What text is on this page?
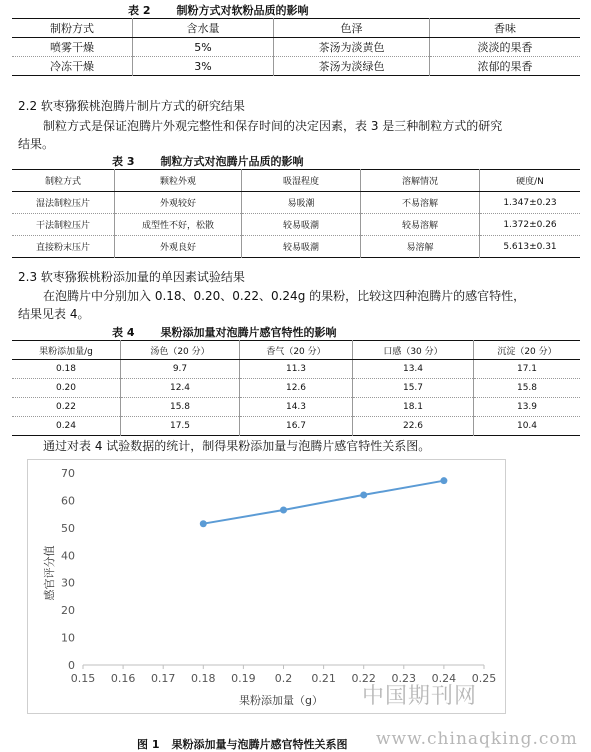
表 2 制粉方式对软粉品质的影响
制粉方式	含水量	色泽	香味
喷雾干燥	5%	茶汤为淡黄色	淡淡的果香
冷冻干燥	3%	茶汤为淡绿色	浓郁的果香
2.2 软枣猕猴桃泡腾片制片方式的研究结果
制粒方式是保证泡腾片外观完整性和保存时间的决定因素，表 3 是三种制粒方式的研究
结果。
表 3 制粒方式对泡腾片品质的影响
制粒方式	颗粒外观	吸湿程度	溶解情况	硬度/N
湿法制粒压片	外观较好	易吸潮	不易溶解	1.347±0.23
干法制粒压片	成型性不好，松散	较易吸潮	较易溶解	1.372±0.26
直接粉末压片	外观良好	较易吸潮	易溶解	5.613±0.31
2.3 软枣猕猴桃粉添加量的单因素试验结果
在泡腾片中分别加入 0.18、0.20、0.22、0.24g 的果粉，比较这四种泡腾片的感官特性，
结果见表 4。
表 4 果粉添加量对泡腾片感官特性的影响
果粉添加量/g	汤色（20 分）	香气（20 分）	口感（30 分）	沉淀（20 分）
0.18	9.7	11.3	13.4	17.1
0.20	12.4	12.6	15.7	15.8
0.22	15.8	14.3	18.1	13.9
0.24	17.5	16.7	22.6	10.4
通过对表 4 试验数据的统计，制得果粉添加量与泡腾片感官特性关系图。
0
10
20
30
40
50
60
70
0.15 0.16 0.17 0.18 0.19 0.2 0.21 0.22 0.23 0.24 0.25
感官评分值
果粉添加量（g）
图 1 果粉添加量与泡腾片感官特性关系图
中国期刊网
www.chinaqking.com
